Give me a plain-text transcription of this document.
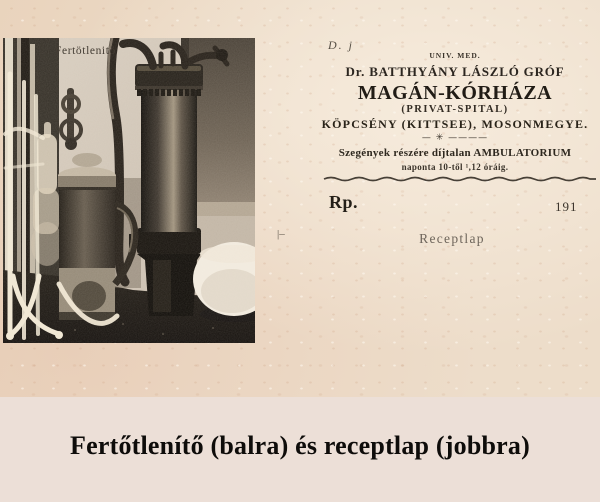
Fertötlenitö	D. j
UNIV. MED.
Dr. BATTHYÁNY LÁSZLÓ GRÓF
MAGÁN-KÓRHÁZA
(PRIVAT-SPITAL)
KÖPCSÉNY (KITTSEE), MOSONMEGYE.
— ✳ ————
Szegények részére díjtalan AMBULATORIUM
naponta 10-től ¹,12 óráig.
Rp.	191
|–	Receptlap
Fertőtlenítő (balra) és receptlap (jobbra)
